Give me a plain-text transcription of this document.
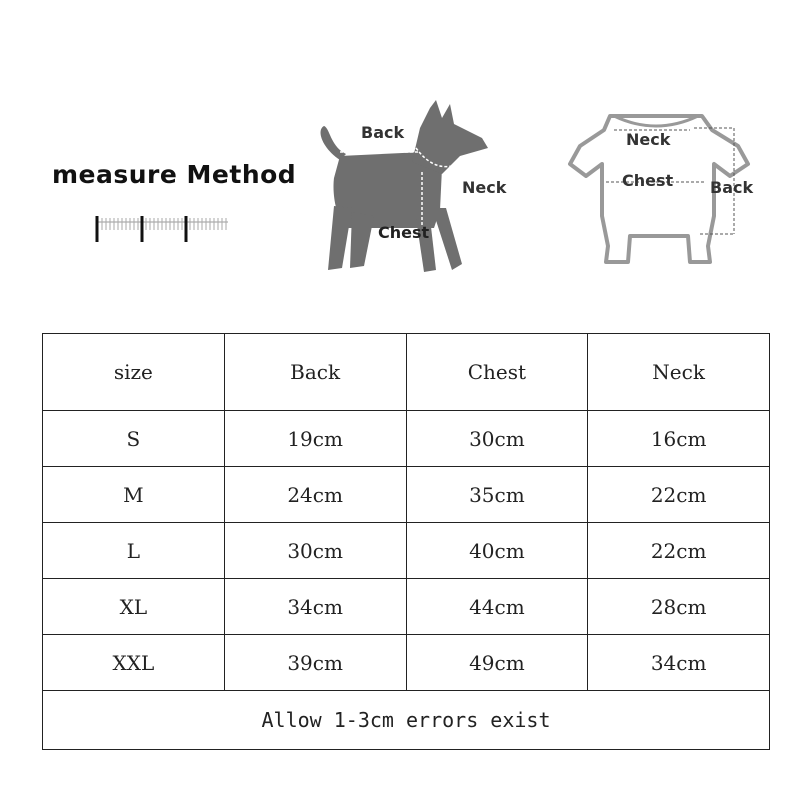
measure Method
Back
Neck
Chest
Neck
Chest Back
size	Back	Chest	Neck
S	19cm	30cm	16cm
M	24cm	35cm	22cm
L	30cm	40cm	22cm
XL	34cm	44cm	28cm
XXL	39cm	49cm	34cm
Allow 1-3cm errors exist			
